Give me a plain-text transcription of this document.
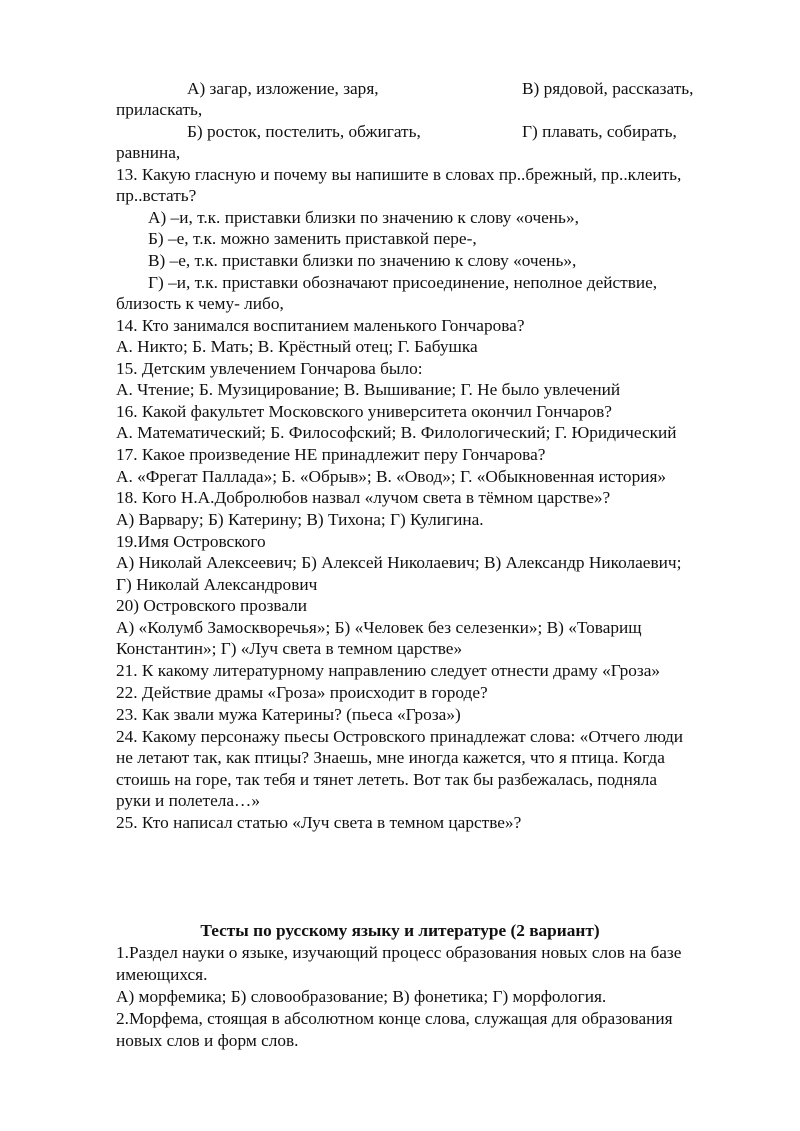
А) загар, изложение, заря,	В) рядовой, рассказать,
приласкать,
Б) росток, постелить, обжигать,	Г) плавать, собирать,
равнина,
13. Какую гласную и почему вы напишите в словах пр..брежный, пр..клеить,
пр..встать?
А) –и, т.к. приставки близки по значению к слову «очень»,
Б) –е, т.к. можно заменить приставкой пере-,
В) –е, т.к. приставки близки по значению к слову «очень»,
Г) –и, т.к. приставки обозначают присоединение, неполное действие,
близость к чему- либо,
14. Кто занимался воспитанием маленького Гончарова?
А. Никто; Б. Мать; В. Крёстный отец; Г. Бабушка
15. Детским увлечением Гончарова было:
А. Чтение; Б. Музицирование; В. Вышивание; Г. Не было увлечений
16. Какой факультет Московского университета окончил Гончаров?
А. Математический; Б. Философский; В. Филологический; Г. Юридический
17. Какое произведение НЕ принадлежит перу Гончарова?
А. «Фрегат Паллада»; Б. «Обрыв»; В. «Овод»; Г. «Обыкновенная история»
18. Кого Н.А.Добролюбов назвал «лучом света в тёмном царстве»?
А) Варвару; Б) Катерину; В) Тихона; Г) Кулигина.
19.Имя Островского
А) Николай Алексеевич; Б) Алексей Николаевич; В) Александр Николаевич;
Г) Николай Александрович
20) Островского прозвали
А) «Колумб Замоскворечья»; Б) «Человек без селезенки»; В) «Товарищ
Константин»; Г) «Луч света в темном царстве»
21. К какому литературному направлению следует отнести драму «Гроза»
22. Действие драмы «Гроза» происходит в городе?
23. Как звали мужа Катерины? (пьеса «Гроза»)
24. Какому персонажу пьесы Островского принадлежат слова: «Отчего люди
не летают так, как птицы? Знаешь, мне иногда кажется, что я птица. Когда
стоишь на горе, так тебя и тянет лететь. Вот так бы разбежалась, подняла
руки и полетела…»
25. Кто написал статью «Луч света в темном царстве»?
Тесты по русскому языку и литературе (2 вариант)
1.Раздел науки о языке, изучающий процесс образования новых слов на базе
имеющихся.
А) морфемика; Б) словообразование; В) фонетика; Г) морфология.
2.Морфема, стоящая в абсолютном конце слова, служащая для образования
новых слов и форм слов.
